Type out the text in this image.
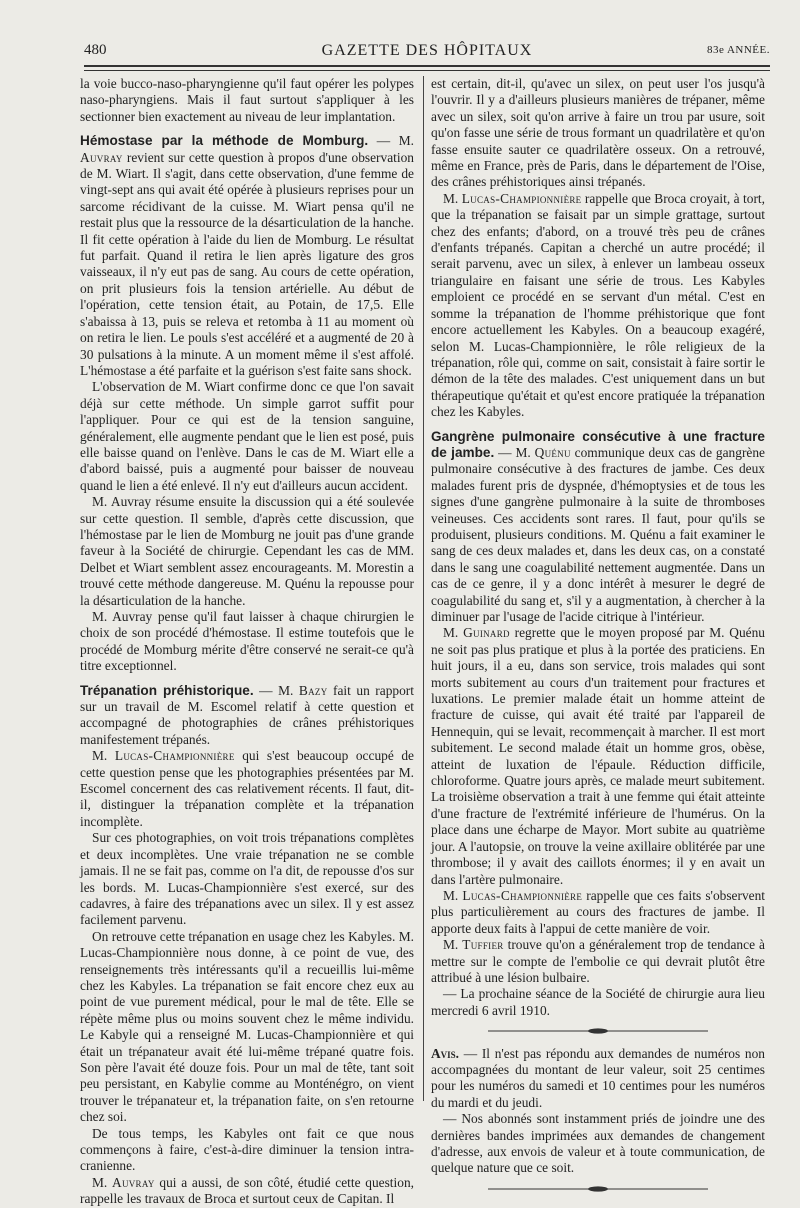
480	GAZETTE DES HÔPITAUX	83e ANNÉE.

la voie bucco-naso-pharyngienne qu'il faut opérer les polypes naso-pharyngiens. Mais il faut surtout s'appliquer à les sectionner bien exactement au niveau de leur implantation.

Hémostase par la méthode de Momburg. — M. Auvray revient sur cette question à propos d'une observation de M. Wiart. Il s'agit, dans cette observation, d'une femme de vingt-sept ans qui avait été opérée à plusieurs reprises pour un sarcome récidivant de la cuisse. M. Wiart pensa qu'il ne restait plus que la ressource de la désarticulation de la hanche. Il fit cette opération à l'aide du lien de Momburg. Le résultat fut parfait. Quand il retira le lien après ligature des gros vaisseaux, il n'y eut pas de sang. Au cours de cette opération, on prit plusieurs fois la tension artérielle. Au début de l'opération, cette tension était, au Potain, de 17,5. Elle s'abaissa à 13, puis se releva et retomba à 11 au moment où on retira le lien. Le pouls s'est accéléré et a augmenté de 20 à 30 pulsations à la minute. A un moment même il s'est affolé. L'hémostase a été parfaite et la guérison s'est faite sans shock.

L'observation de M. Wiart confirme donc ce que l'on savait déjà sur cette méthode. Un simple garrot suffit pour l'appliquer. Pour ce qui est de la tension sanguine, généralement, elle augmente pendant que le lien est posé, puis elle baisse quand on l'enlève. Dans le cas de M. Wiart elle a d'abord baissé, puis a augmenté pour baisser de nouveau quand le lien a été enlevé. Il n'y eut d'ailleurs aucun accident.

M. Auvray résume ensuite la discussion qui a été soulevée sur cette question. Il semble, d'après cette discussion, que l'hémostase par le lien de Momburg ne jouit pas d'une grande faveur à la Société de chirurgie. Cependant les cas de MM. Delbet et Wiart semblent assez encourageants. M. Morestin a trouvé cette méthode dangereuse. M. Quénu la repousse pour la désarticulation de la hanche.

M. Auvray pense qu'il faut laisser à chaque chirurgien le choix de son procédé d'hémostase. Il estime toutefois que le procédé de Momburg mérite d'être conservé ne serait-ce qu'à titre exceptionnel.

Trépanation préhistorique. — M. Bazy fait un rapport sur un travail de M. Escomel relatif à cette question et accompagné de photographies de crânes préhistoriques manifestement trépanés.

M. Lucas-Championnière qui s'est beaucoup occupé de cette question pense que les photographies présentées par M. Escomel concernent des cas relativement récents. Il faut, dit-il, distinguer la trépanation complète et la trépanation incomplète.

Sur ces photographies, on voit trois trépanations complètes et deux incomplètes. Une vraie trépanation ne se comble jamais. Il ne se fait pas, comme on l'a dit, de repousse d'os sur les bords. M. Lucas-Championnière s'est exercé, sur des cadavres, à faire des trépanations avec un silex. Il y est assez facilement parvenu.

On retrouve cette trépanation en usage chez les Kabyles. M. Lucas-Championnière nous donne, à ce point de vue, des renseignements très intéressants qu'il a recueillis lui-même chez les Kabyles. La trépanation se fait encore chez eux au point de vue purement médical, pour le mal de tête. Elle se répète même plus ou moins souvent chez le même individu. Le Kabyle qui a renseigné M. Lucas-Championnière et qui était un trépanateur avait été lui-même trépané quatre fois. Son père l'avait été douze fois. Pour un mal de tête, tant soit peu persistant, en Kabylie comme au Monténégro, on vient trouver le trépanateur et, la trépanation faite, on s'en retourne chez soi.

De tous temps, les Kabyles ont fait ce que nous commençons à faire, c'est-à-dire diminuer la tension intra-cranienne.

M. Auvray qui a aussi, de son côté, étudié cette question, rappelle les travaux de Broca et surtout ceux de Capitan. Il

est certain, dit-il, qu'avec un silex, on peut user l'os jusqu'à l'ouvrir. Il y a d'ailleurs plusieurs manières de trépaner, même avec un silex, soit qu'on arrive à faire un trou par usure, soit qu'on fasse une série de trous formant un quadrilatère et qu'on fasse ensuite sauter ce quadrilatère osseux. On a retrouvé, même en France, près de Paris, dans le département de l'Oise, des crânes préhistoriques ainsi trépanés.

M. Lucas-Championnière rappelle que Broca croyait, à tort, que la trépanation se faisait par un simple grattage, surtout chez des enfants; d'abord, on a trouvé très peu de crânes d'enfants trépanés. Capitan a cherché un autre procédé; il serait parvenu, avec un silex, à enlever un lambeau osseux triangulaire en faisant une série de trous. Les Kabyles emploient ce procédé en se servant d'un métal. C'est en somme la trépanation de l'homme préhistorique que font encore actuellement les Kabyles. On a beaucoup exagéré, selon M. Lucas-Championnière, le rôle religieux de la trépanation, rôle qui, comme on sait, consistait à faire sortir le démon de la tête des malades. C'est uniquement dans un but thérapeutique qu'était et qu'est encore pratiquée la trépanation chez les Kabyles.

Gangrène pulmonaire consécutive à une fracture de jambe. — M. Quénu communique deux cas de gangrène pulmonaire consécutive à des fractures de jambe. Ces deux malades furent pris de dyspnée, d'hémoptysies et de tous les signes d'une gangrène pulmonaire à la suite de thromboses veineuses. Ces accidents sont rares. Il faut, pour qu'ils se produisent, plusieurs conditions. M. Quénu a fait examiner le sang de ces deux malades et, dans les deux cas, on a constaté dans le sang une coagulabilité nettement augmentée. Dans un cas de ce genre, il y a donc intérêt à mesurer le degré de coagulabilité du sang et, s'il y a augmentation, à chercher à la diminuer par l'usage de l'acide citrique à l'intérieur.

M. Guinard regrette que le moyen proposé par M. Quénu ne soit pas plus pratique et plus à la portée des praticiens. En huit jours, il a eu, dans son service, trois malades qui sont morts subitement au cours d'un traitement pour fractures et luxations. Le premier malade était un homme atteint de fracture de cuisse, qui avait été traité par l'appareil de Hennequin, qui se levait, recommençait à marcher. Il est mort subitement. Le second malade était un homme gros, obèse, atteint de luxation de l'épaule. Réduction difficile, chloroforme. Quatre jours après, ce malade meurt subitement. La troisième observation a trait à une femme qui était atteinte d'une fracture de l'extrémité inférieure de l'humérus. On la place dans une écharpe de Mayor. Mort subite au quatrième jour. A l'autopsie, on trouve la veine axillaire oblitérée par une thrombose; il y avait des caillots énormes; il y en avait un dans l'artère pulmonaire.

M. Lucas-Championnière rappelle que ces faits s'observent plus particulièrement au cours des fractures de jambe. Il apporte deux faits à l'appui de cette manière de voir.

M. Tuffier trouve qu'on a généralement trop de tendance à mettre sur le compte de l'embolie ce qui devrait plutôt être attribué à une lésion bulbaire.

— La prochaine séance de la Société de chirurgie aura lieu mercredi 6 avril 1910.

Avis. — Il n'est pas répondu aux demandes de numéros non accompagnées du montant de leur valeur, soit 25 centimes pour les numéros du samedi et 10 centimes pour les numéros du mardi et du jeudi.

— Nos abonnés sont instamment priés de joindre une des dernières bandes imprimées aux demandes de changement d'adresse, aux envois de valeur et à toute communication, de quelque nature que ce soit.
